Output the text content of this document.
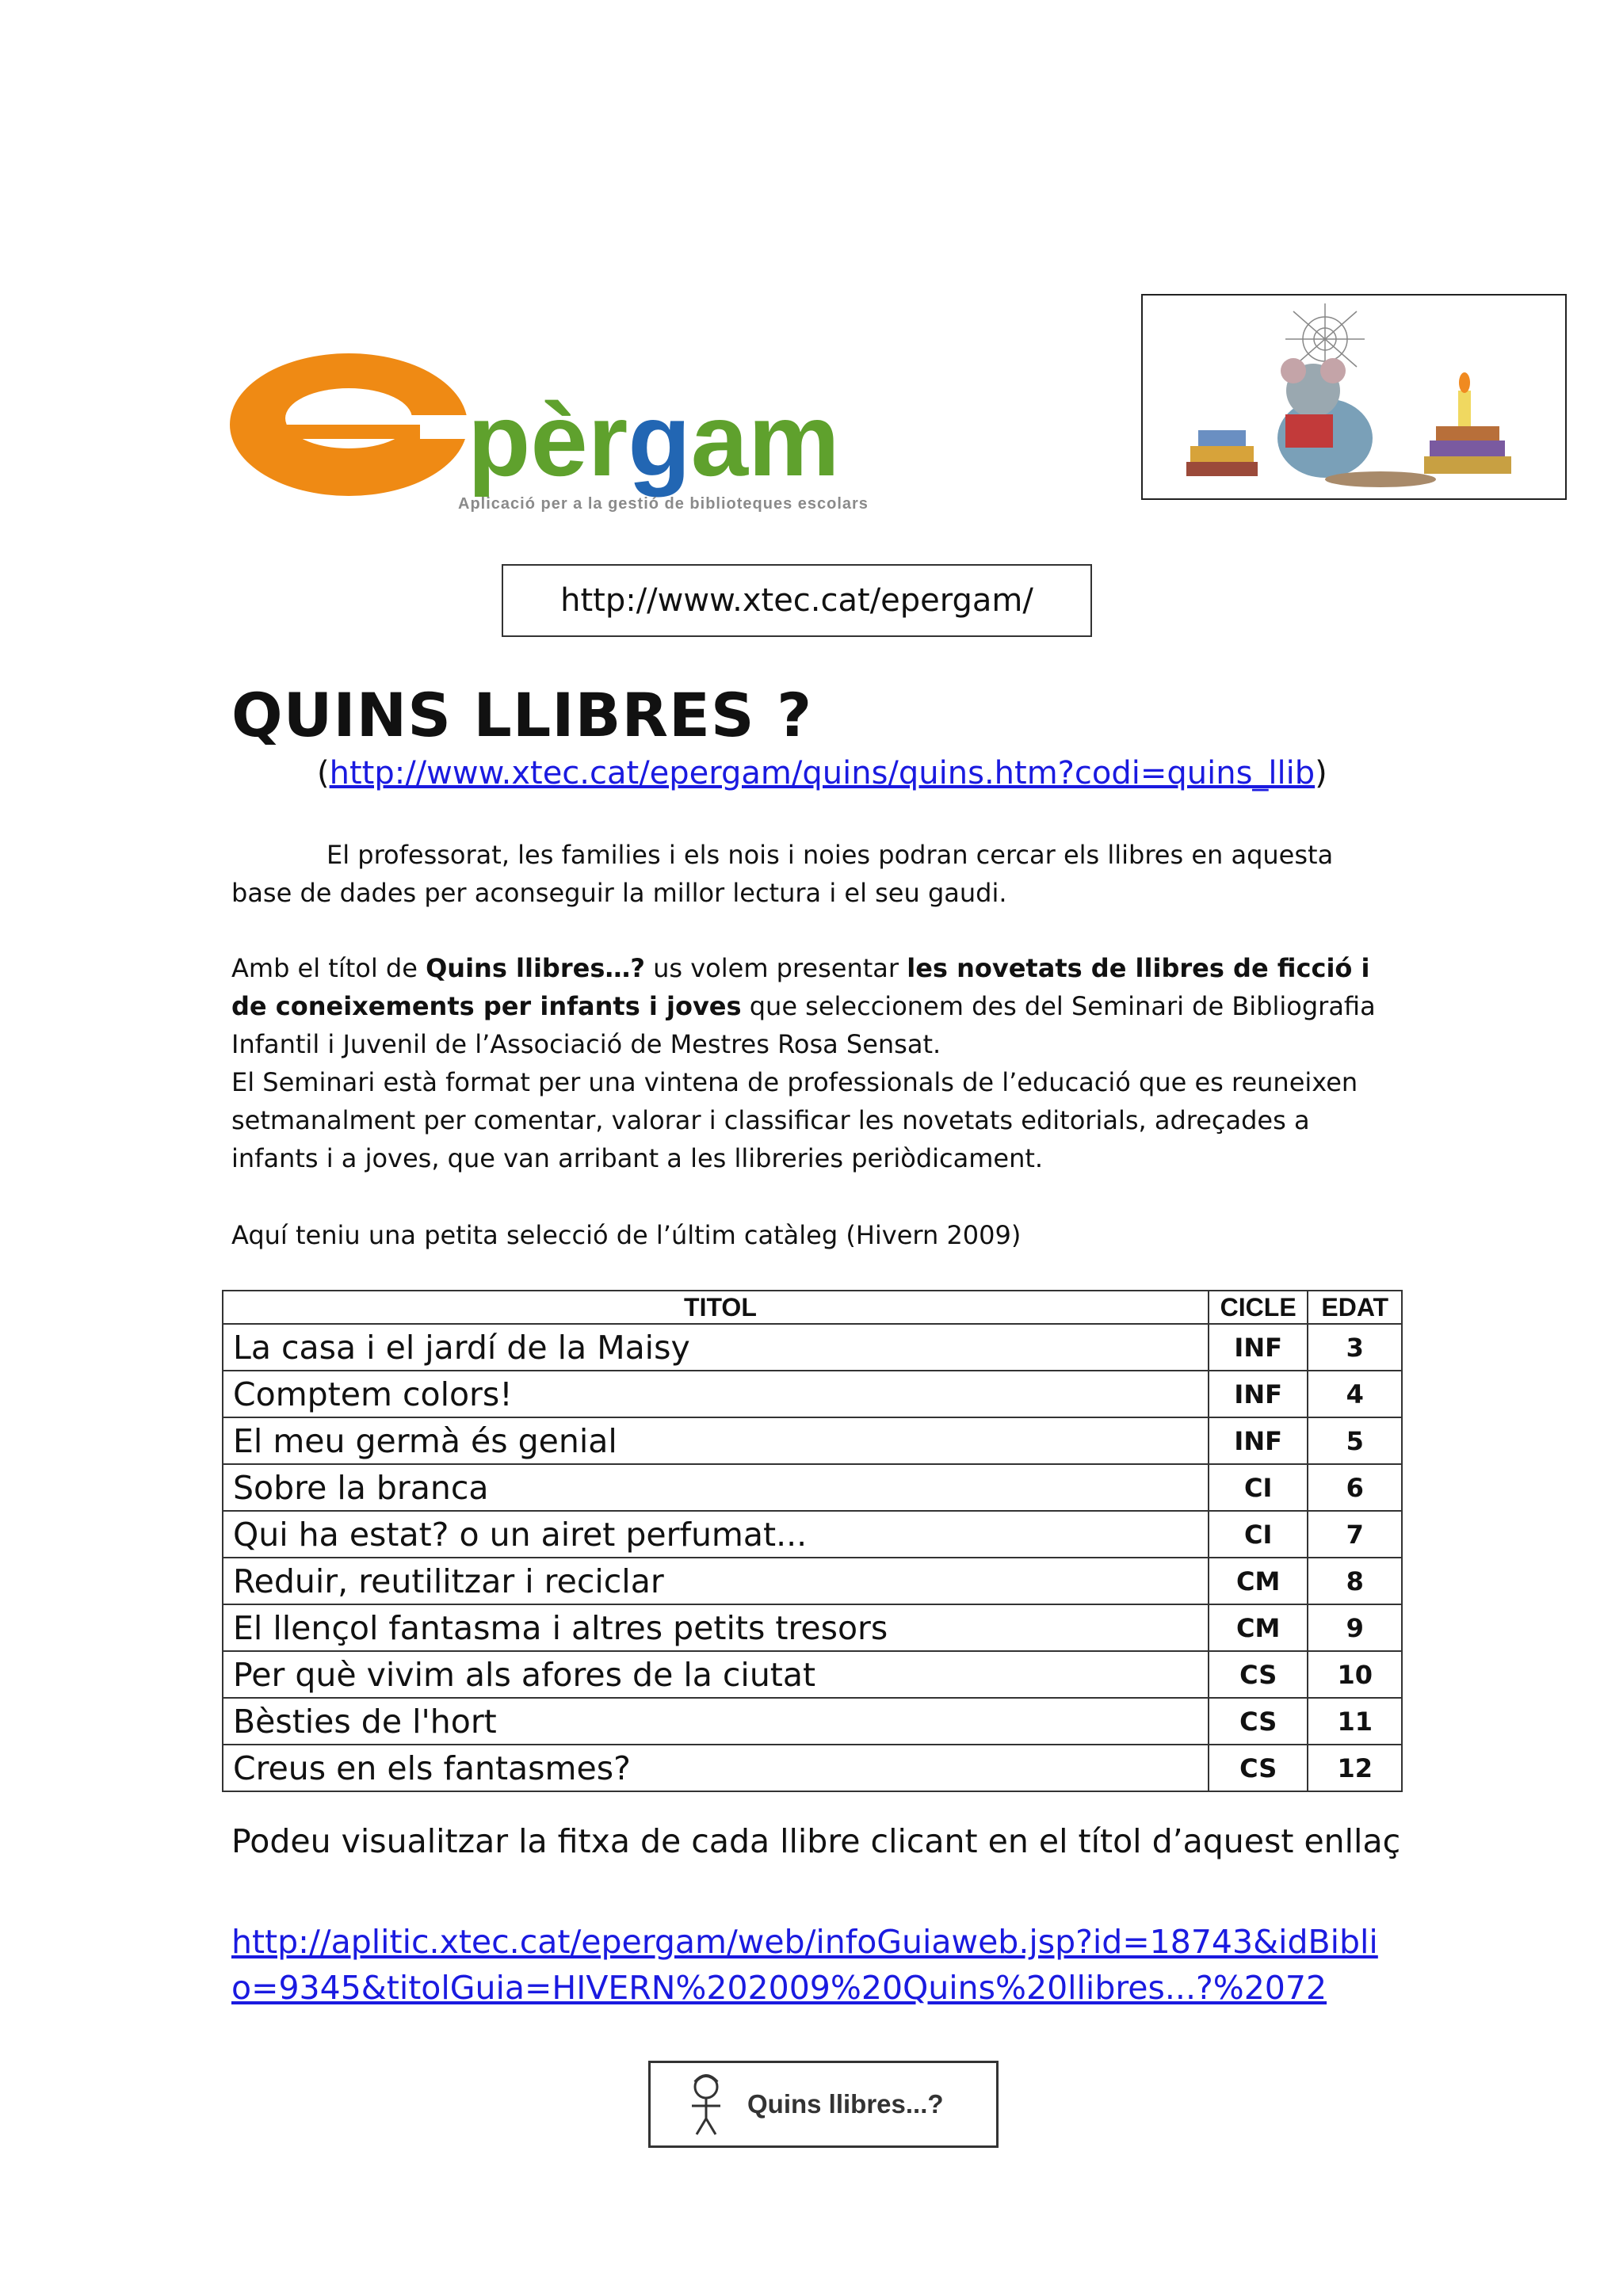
pèrgam
Aplicació per a la gestió de biblioteques escolars
http://www.xtec.cat/epergam/
QUINS LLIBRES ?
(http://www.xtec.cat/epergam/quins/quins.htm?codi=quins_llib)
El professorat, les families i els nois i noies podran cercar els llibres en aquesta base de dades per aconseguir la millor lectura i el seu gaudi.
Amb el títol de Quins llibres…? us volem presentar les novetats de llibres de ficció i de coneixements per infants i joves que seleccionem des del Seminari de Bibliografia Infantil i Juvenil de l’Associació de Mestres Rosa Sensat.
El Seminari està format per una vintena de professionals de l’educació que es reuneixen setmanalment per comentar, valorar i classificar les novetats editorials, adreçades a infants i a joves, que van arribant a les llibreries periòdicament.
Aquí teniu una petita selecció de l’últim catàleg (Hivern 2009)
TITOL	CICLE	EDAT
La casa i el jardí de la Maisy	INF	3
Comptem colors!	INF	4
El meu germà és genial	INF	5
Sobre la branca	CI	6
Qui ha estat? o un airet perfumat...	CI	7
Reduir, reutilitzar i reciclar	CM	8
El llençol fantasma i altres petits tresors	CM	9
Per què vivim als afores de la ciutat	CS	10
Bèsties de l'hort	CS	11
Creus en els fantasmes?	CS	12
Podeu visualitzar la fitxa de cada llibre clicant en el títol d’aquest enllaç
http://aplitic.xtec.cat/epergam/web/infoGuiaweb.jsp?id=18743&idBiblio=9345&titolGuia=HIVERN%202009%20Quins%20llibres...?%2072
Quins llibres...?
